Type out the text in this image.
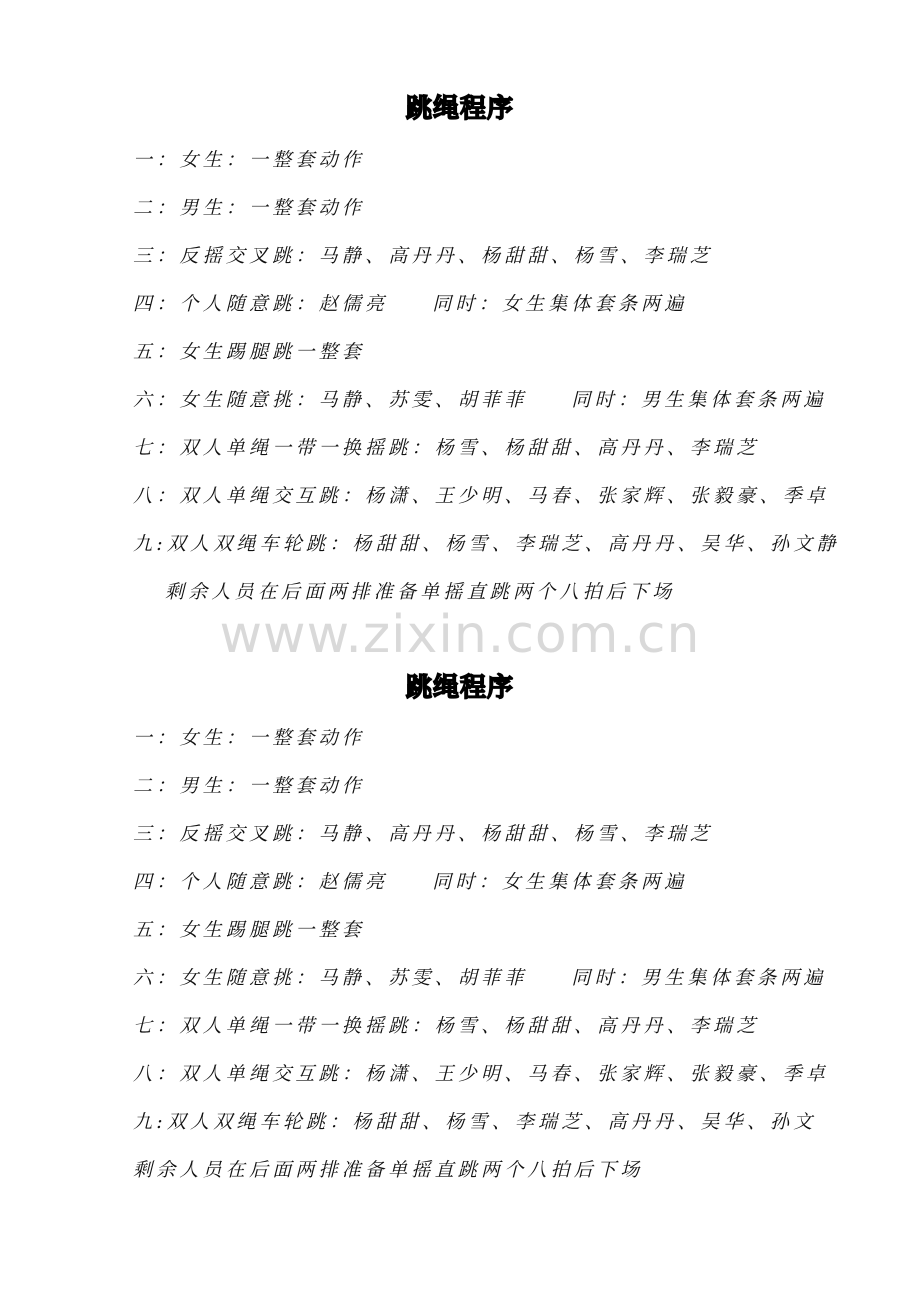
跳绳程序
一：女生：一整套动作
二：男生：一整套动作
三：反摇交叉跳：马静、高丹丹、杨甜甜、杨雪、李瑞芝
四：个人随意跳：赵儒亮 同时：女生集体套条两遍
五：女生踢腿跳一整套
六：女生随意挑：马静、苏雯、胡菲菲 同时：男生集体套条两遍
七：双人单绳一带一换摇跳：杨雪、杨甜甜、高丹丹、李瑞芝
八：双人单绳交互跳：杨潇、王少明、马春、张家辉、张毅豪、季卓
九:双人双绳车轮跳：杨甜甜、杨雪、李瑞芝、高丹丹、吴华、孙文静
剩余人员在后面两排准备单摇直跳两个八拍后下场
www.zixin.com.cn
跳绳程序
一：女生：一整套动作
二：男生：一整套动作
三：反摇交叉跳：马静、高丹丹、杨甜甜、杨雪、李瑞芝
四：个人随意跳：赵儒亮 同时：女生集体套条两遍
五：女生踢腿跳一整套
六：女生随意挑：马静、苏雯、胡菲菲 同时：男生集体套条两遍
七：双人单绳一带一换摇跳：杨雪、杨甜甜、高丹丹、李瑞芝
八：双人单绳交互跳：杨潇、王少明、马春、张家辉、张毅豪、季卓
九:双人双绳车轮跳：杨甜甜、杨雪、李瑞芝、高丹丹、吴华、孙文
剩余人员在后面两排准备单摇直跳两个八拍后下场
